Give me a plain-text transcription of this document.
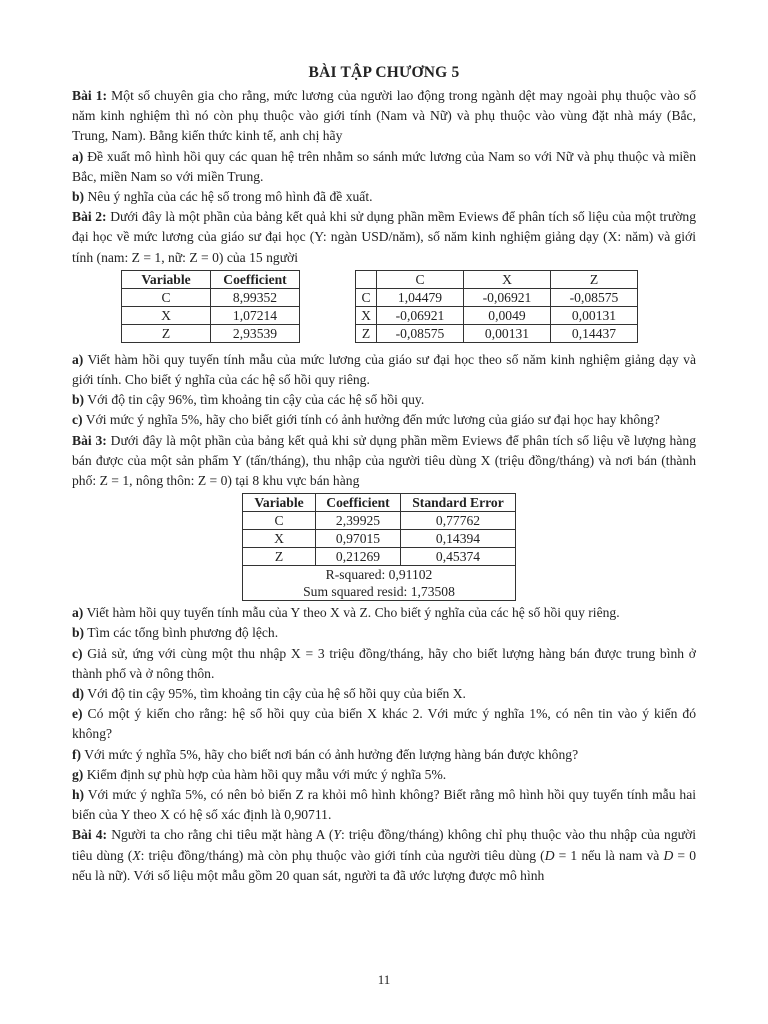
BÀI TẬP CHƯƠNG 5

Bài 1: Một số chuyên gia cho rằng, mức lương của người lao động trong ngành dệt may ngoài phụ thuộc vào số năm kinh nghiệm thì nó còn phụ thuộc vào giới tính (Nam và Nữ) và phụ thuộc vào vùng đặt nhà máy (Bắc, Trung, Nam). Bằng kiến thức kinh tế, anh chị hãy

a) Đề xuất mô hình hồi quy các quan hệ trên nhằm so sánh mức lương của Nam so với Nữ và phụ thuộc và miền Bắc, miền Nam so với miền Trung.

b) Nêu ý nghĩa của các hệ số trong mô hình đã đề xuất.

Bài 2: Dưới đây là một phần của bảng kết quả khi sử dụng phần mềm Eviews để phân tích số liệu của một trường đại học về mức lương của giáo sư đại học (Y: ngàn USD/năm), số năm kinh nghiệm giảng dạy (X: năm) và giới tính (nam: Z = 1, nữ: Z = 0) của 15 người

Variable	Coefficient
C	8,99352
X	1,07214
Z	2,93539
	C	X	Z
C	1,04479	-0,06921	-0,08575
X	-0,06921	0,0049	0,00131
Z	-0,08575	0,00131	0,14437

a) Viết hàm hồi quy tuyến tính mẫu của mức lương của giáo sư đại học theo số năm kinh nghiệm giảng dạy và giới tính. Cho biết ý nghĩa của các hệ số hồi quy riêng.

b) Với độ tin cậy 96%, tìm khoảng tin cậy của các hệ số hồi quy.

c) Với mức ý nghĩa 5%, hãy cho biết giới tính có ảnh hưởng đến mức lương của giáo sư đại học hay không?

Bài 3: Dưới đây là một phần của bảng kết quả khi sử dụng phần mềm Eviews để phân tích số liệu về lượng hàng bán được của một sản phẩm Y (tấn/tháng), thu nhập của người tiêu dùng X (triệu đồng/tháng) và nơi bán (thành phố: Z = 1, nông thôn: Z = 0) tại 8 khu vực bán hàng

Variable	Coefficient	Standard Error
C	2,39925	0,77762
X	0,97015	0,14394
Z	0,21269	0,45374
R-squared: 0,91102
Sum squared resid: 1,73508		

a) Viết hàm hồi quy tuyến tính mẫu của Y theo X và Z. Cho biết ý nghĩa của các hệ số hồi quy riêng.

b) Tìm các tổng bình phương độ lệch.

c) Giả sử, ứng với cùng một thu nhập X = 3 triệu đồng/tháng, hãy cho biết lượng hàng bán được trung bình ở thành phố và ở nông thôn.

d) Với độ tin cậy 95%, tìm khoảng tin cậy của hệ số hồi quy của biến X.

e) Có một ý kiến cho rằng: hệ số hồi quy của biến X khác 2. Với mức ý nghĩa 1%, có nên tin vào ý kiến đó không?

f) Với mức ý nghĩa 5%, hãy cho biết nơi bán có ảnh hưởng đến lượng hàng bán được không?

g) Kiểm định sự phù hợp của hàm hồi quy mẫu với mức ý nghĩa 5%.

h) Với mức ý nghĩa 5%, có nên bỏ biến Z ra khỏi mô hình không? Biết rằng mô hình hồi quy tuyến tính mẫu hai biến của Y theo X có hệ số xác định là 0,90711.

Bài 4: Người ta cho rằng chi tiêu mặt hàng A (Y: triệu đồng/tháng) không chỉ phụ thuộc vào thu nhập của người tiêu dùng (X: triệu đồng/tháng) mà còn phụ thuộc vào giới tính của người tiêu dùng (D = 1 nếu là nam và D = 0 nếu là nữ). Với số liệu một mẫu gồm 20 quan sát, người ta đã ước lượng được mô hình

11
